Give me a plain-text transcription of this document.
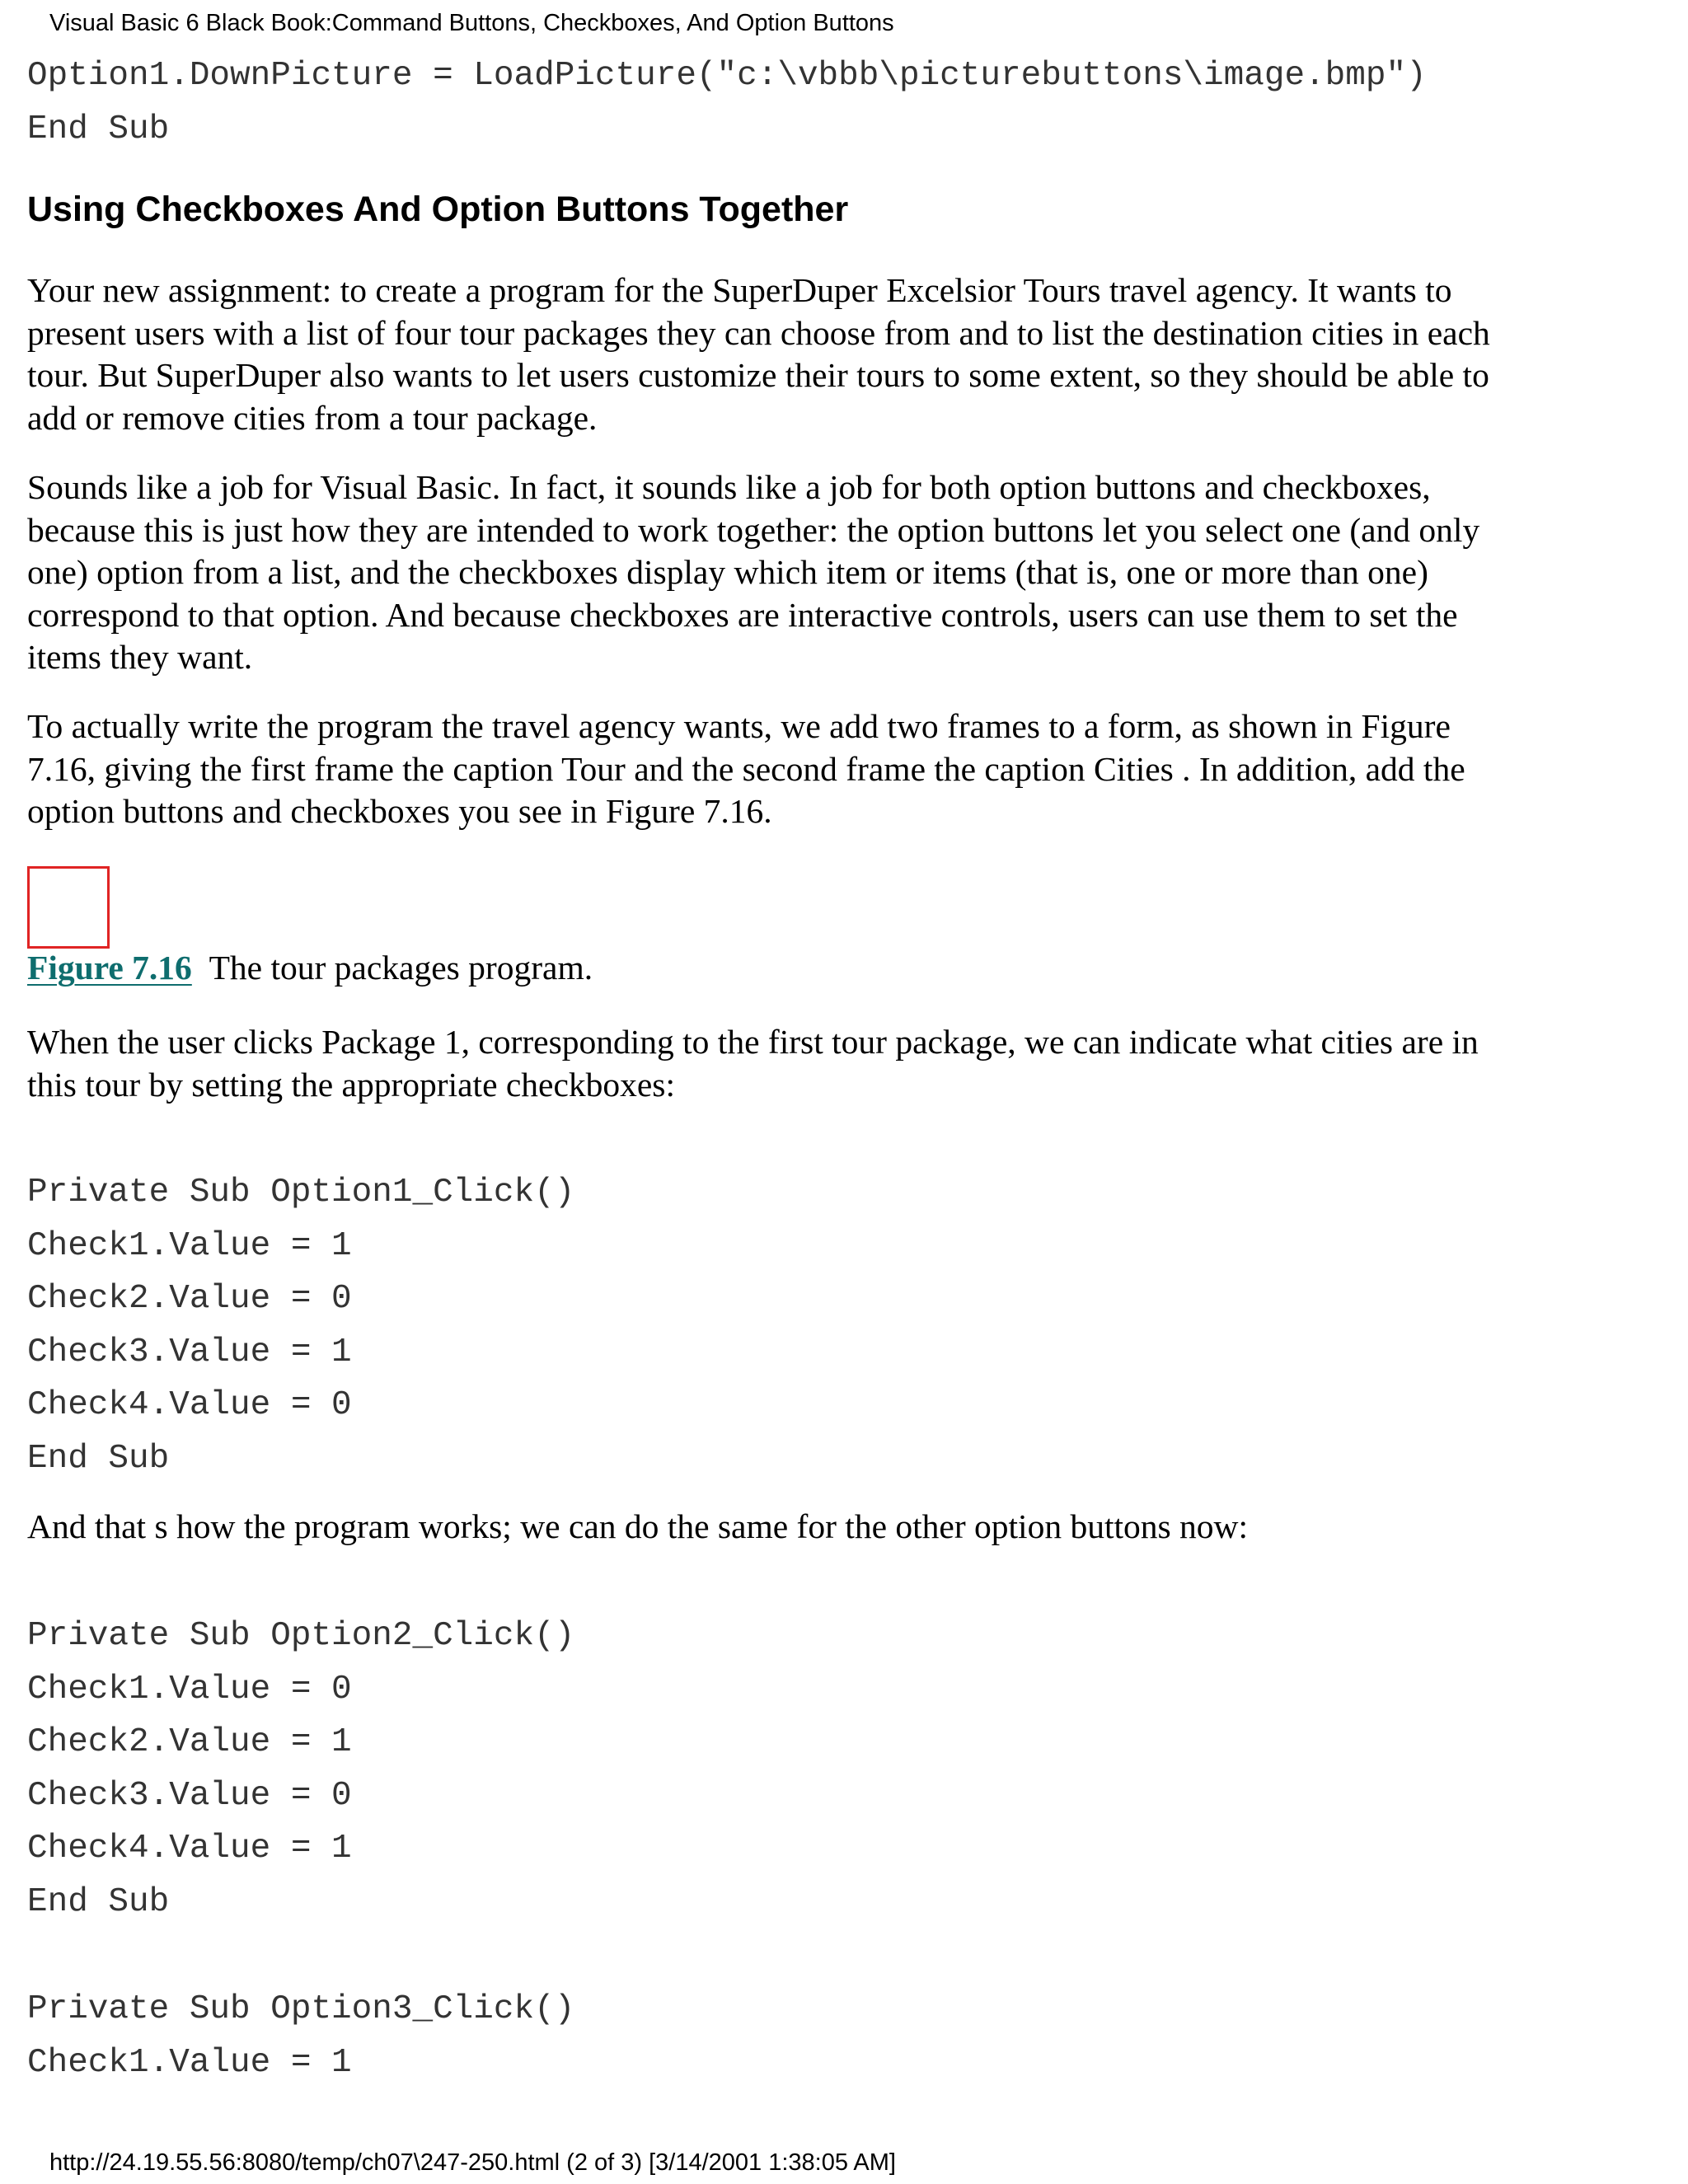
Visual Basic 6 Black Book:Command Buttons, Checkboxes, And Option Buttons
Option1.DownPicture = LoadPicture("c:\vbbb\picturebuttons\image.bmp")
End Sub
Using Checkboxes And Option Buttons Together

Your new assignment: to create a program for the SuperDuper Excelsior Tours travel agency. It wants to
present users with a list of four tour packages they can choose from and to list the destination cities in each
tour. But SuperDuper also wants to let users customize their tours to some extent, so they should be able to
add or remove cities from a tour package.

Sounds like a job for Visual Basic. In fact, it sounds like a job for both option buttons and checkboxes,
because this is just how they are intended to work together: the option buttons let you select one (and only
one) option from a list, and the checkboxes display which item or items (that is, one or more than one)
correspond to that option. And because checkboxes are interactive controls, users can use them to set the
items they want.

To actually write the program the travel agency wants, we add two frames to a form, as shown in Figure
7.16, giving the first frame the caption Tour and the second frame the caption Cities . In addition, add the
option buttons and checkboxes you see in Figure 7.16.

Figure 7.16 The tour packages program.

When the user clicks Package 1, corresponding to the first tour package, we can indicate what cities are in
this tour by setting the appropriate checkboxes:

Private Sub Option1_Click()
Check1.Value = 1
Check2.Value = 0
Check3.Value = 1
Check4.Value = 0
End Sub

And that s how the program works; we can do the same for the other option buttons now:

Private Sub Option2_Click()
Check1.Value = 0
Check2.Value = 1
Check3.Value = 0
Check4.Value = 1
End Sub
Private Sub Option3_Click()
Check1.Value = 1
http://24.19.55.56:8080/temp/ch07\247-250.html (2 of 3) [3/14/2001 1:38:05 AM]
